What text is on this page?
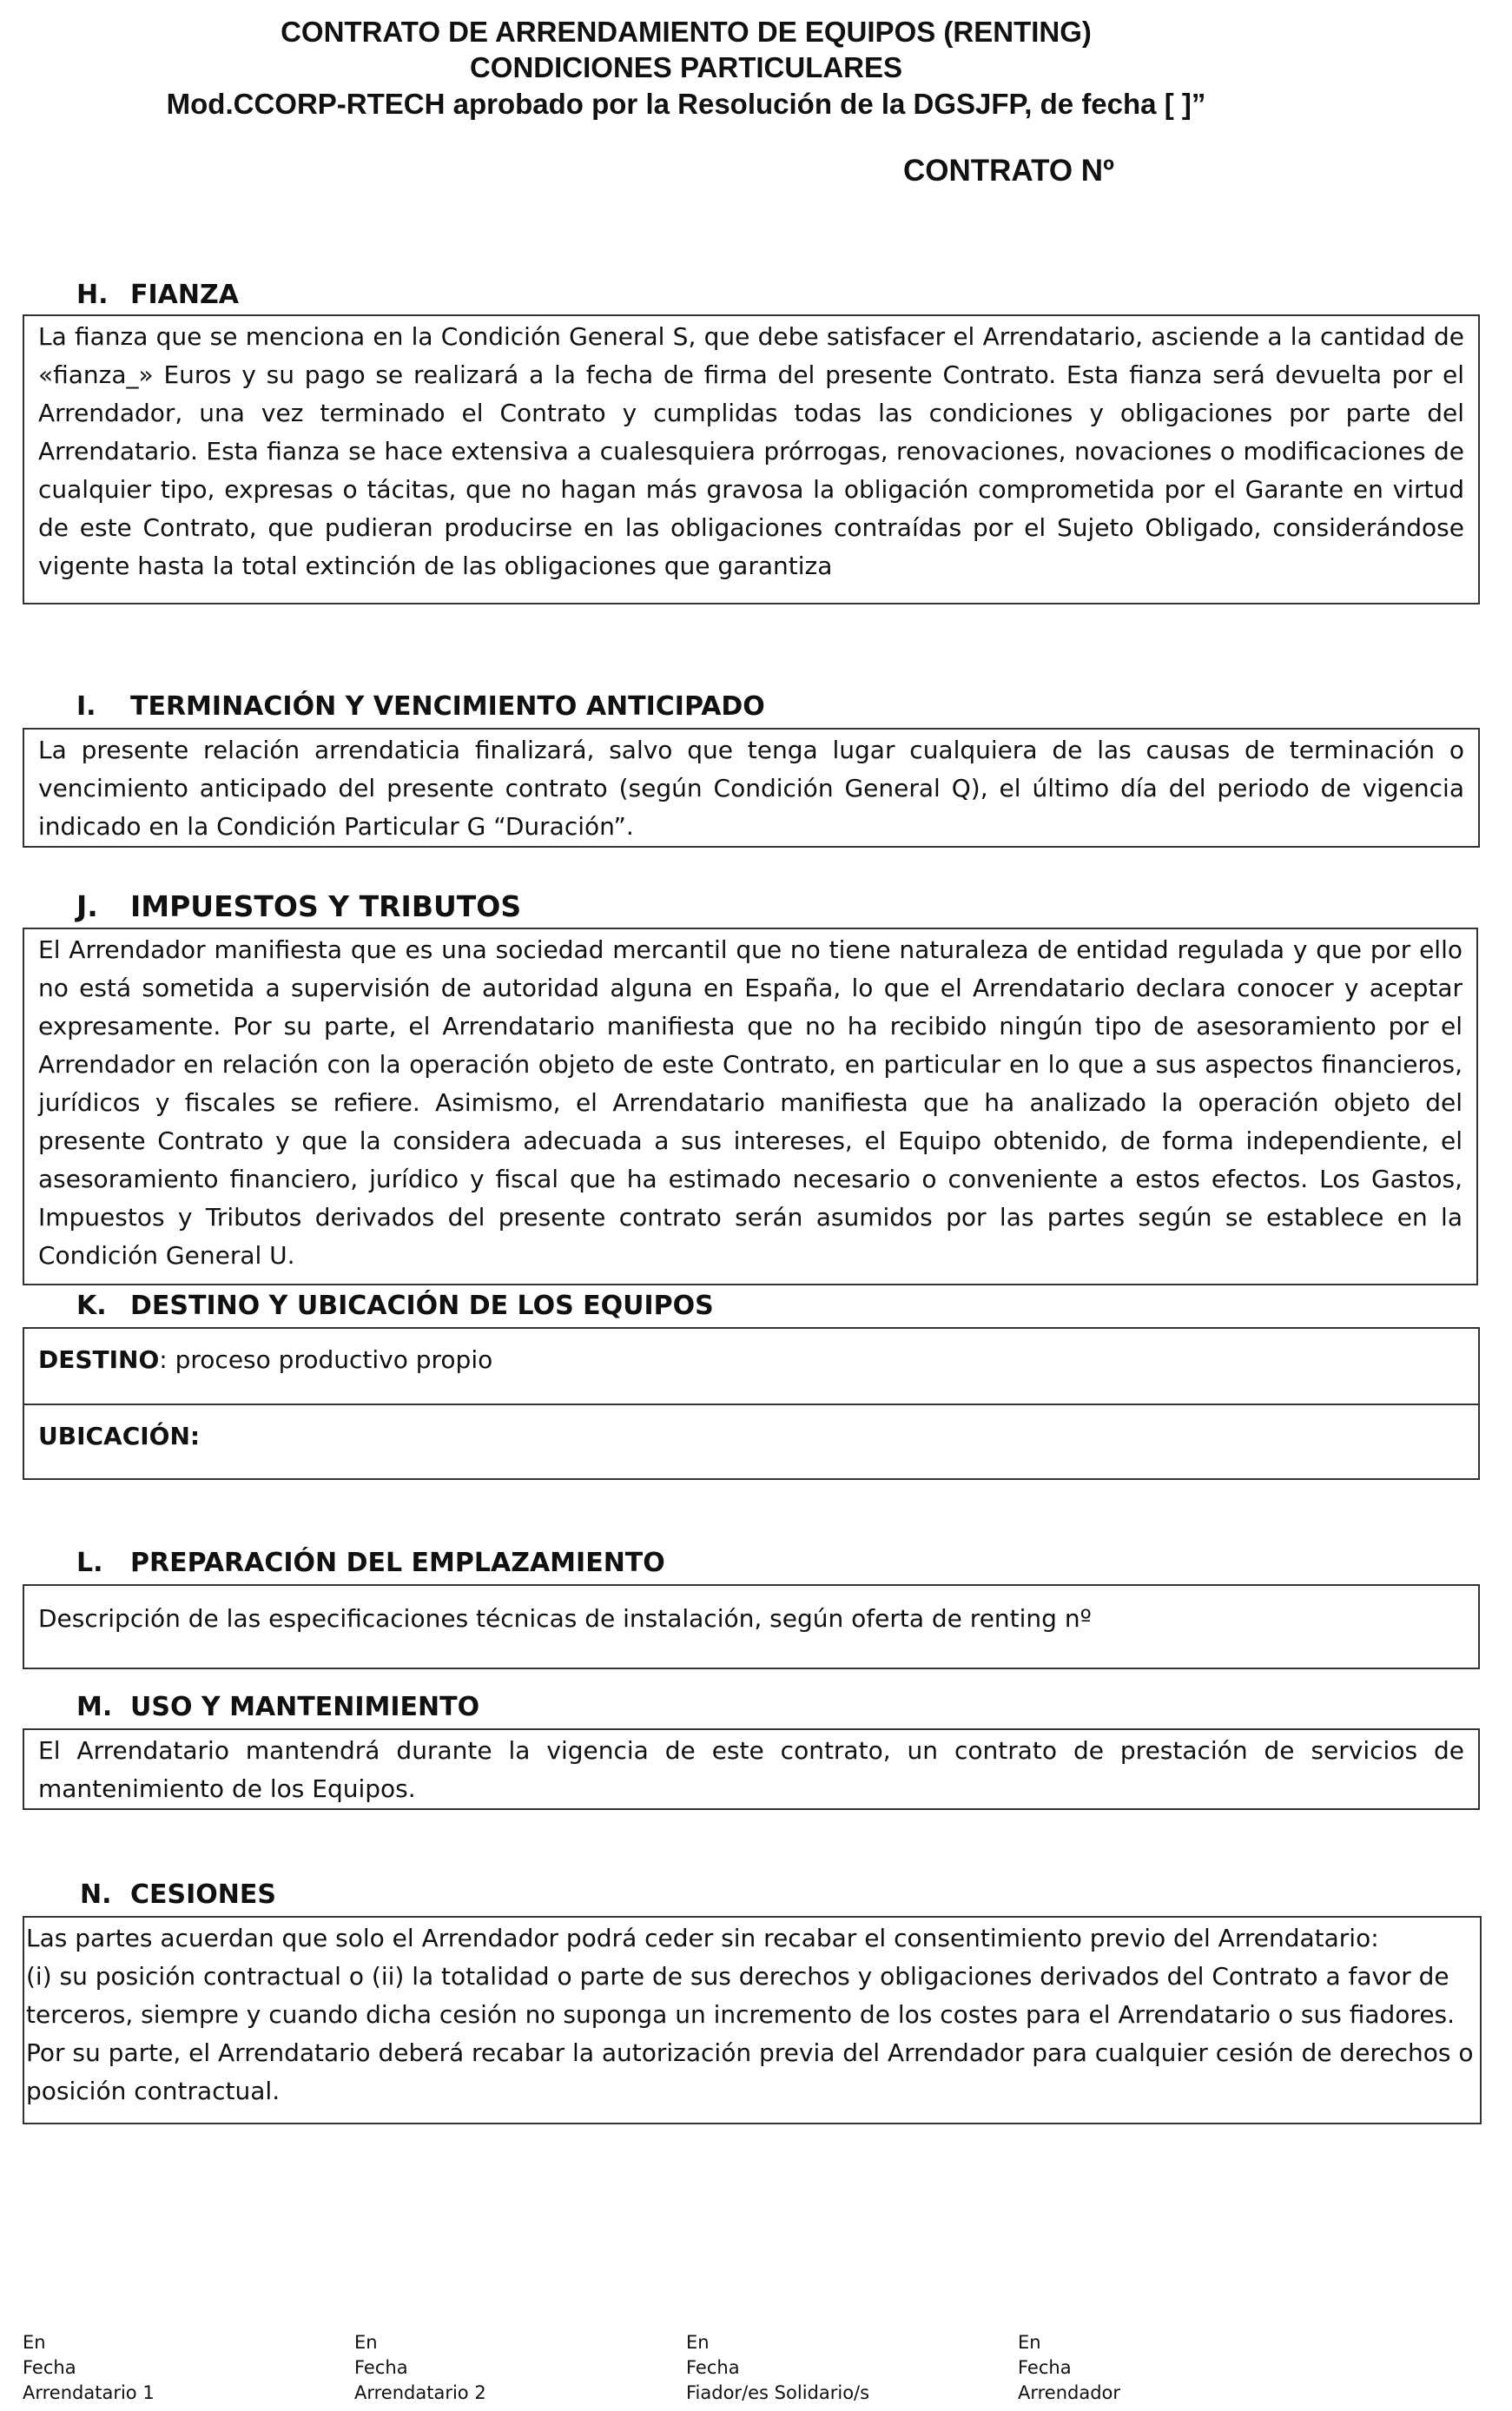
CONTRATO DE ARRENDAMIENTO DE EQUIPOS (RENTING)
CONDICIONES PARTICULARES
Mod.CCORP-RTECH aprobado por la Resolución de la DGSJFP, de fecha [ ]”
CONTRATO Nº
H. FIANZA

La fianza que se menciona en la Condición General S, que debe satisfacer el Arrendatario, asciende a la cantidad de «fianza_» Euros y su pago se realizará a la fecha de firma del presente Contrato. Esta fianza será devuelta por el Arrendador, una vez terminado el Contrato y cumplidas todas las condiciones y obligaciones por parte del Arrendatario. Esta fianza se hace extensiva a cualesquiera prórrogas, renovaciones, novaciones o modificaciones de cualquier tipo, expresas o tácitas, que no hagan más gravosa la obligación comprometida por el Garante en virtud de este Contrato, que pudieran producirse en las obligaciones contraídas por el Sujeto Obligado, considerándose vigente hasta la total extinción de las obligaciones que garantiza

I. TERMINACIÓN Y VENCIMIENTO ANTICIPADO

La presente relación arrendaticia finalizará, salvo que tenga lugar cualquiera de las causas de terminación o vencimiento anticipado del presente contrato (según Condición General Q), el último día del periodo de vigencia indicado en la Condición Particular G “Duración”.

J. IMPUESTOS Y TRIBUTOS

El Arrendador manifiesta que es una sociedad mercantil que no tiene naturaleza de entidad regulada y que por ello no está sometida a supervisión de autoridad alguna en España, lo que el Arrendatario declara conocer y aceptar expresamente. Por su parte, el Arrendatario manifiesta que no ha recibido ningún tipo de asesoramiento por el Arrendador en relación con la operación objeto de este Contrato, en particular en lo que a sus aspectos financieros, jurídicos y fiscales se refiere. Asimismo, el Arrendatario manifiesta que ha analizado la operación objeto del presente Contrato y que la considera adecuada a sus intereses, el Equipo obtenido, de forma independiente, el asesoramiento financiero, jurídico y fiscal que ha estimado necesario o conveniente a estos efectos. Los Gastos, Impuestos y Tributos derivados del presente contrato serán asumidos por las partes según se establece en la Condición General U.

K. DESTINO Y UBICACIÓN DE LOS EQUIPOS
DESTINO: proceso productivo propio
UBICACIÓN:
L. PREPARACIÓN DEL EMPLAZAMIENTO

Descripción de las especificaciones técnicas de instalación, según oferta de renting nº

M. USO Y MANTENIMIENTO

El Arrendatario mantendrá durante la vigencia de este contrato, un contrato de prestación de servicios de mantenimiento de los Equipos.

N. CESIONES

Las partes acuerdan que solo el Arrendador podrá ceder sin recabar el consentimiento previo del Arrendatario:

(i) su posición contractual o (ii) la totalidad o parte de sus derechos y obligaciones derivados del Contrato a favor de terceros, siempre y cuando dicha cesión no suponga un incremento de los costes para el Arrendatario o sus fiadores.

Por su parte, el Arrendatario deberá recabar la autorización previa del Arrendador para cualquier cesión de derechos o posición contractual.

En
Fecha
Arrendatario 1
En
Fecha
Arrendatario 2
En
Fecha
Fiador/es Solidario/s
En
Fecha
Arrendador
